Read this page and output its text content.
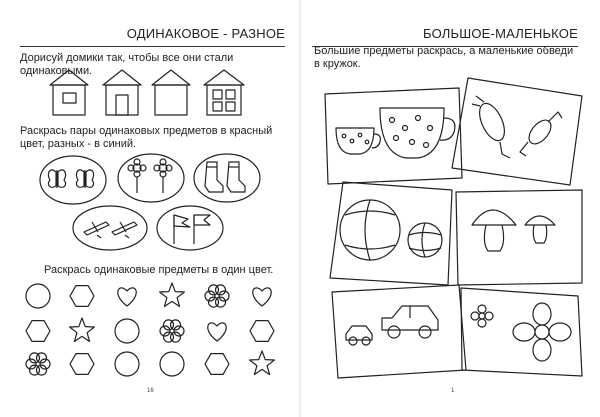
ОДИНАКОВОЕ - РАЗНОЕ
Дорисуй домики так, чтобы все они стали одинаковыми.
Раскрась пары одинаковых предметов в красный цвет, разных - в синий.
Раскрась одинаковые предметы в один цвет.
16	1
БОЛЬШОЕ-МАЛЕНЬКОЕ
Большие предметы раскрась, а маленькие обведи в кружок.
